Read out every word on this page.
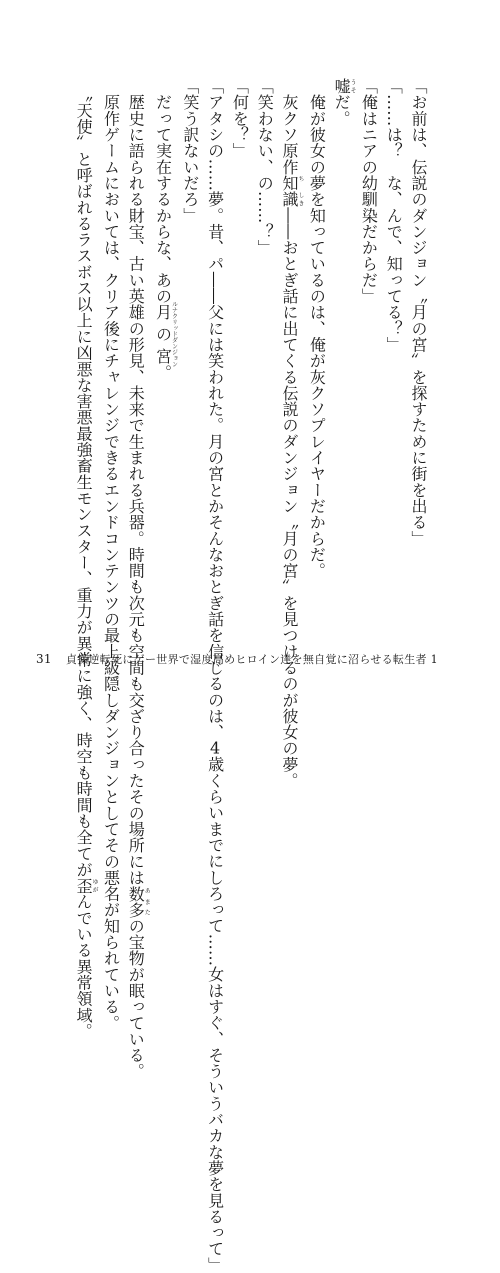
「お前は、伝説のダンジョン〝月の宮〟を探すために街を出る」

「……は？　な、んで、知ってる？」

「俺はニアの幼馴染だからだ」

嘘うそだ。

　俺が彼女の夢を知っているのは、俺が灰クソプレイヤーだからだ。

　灰クソ原作知識ち　しき――おとぎ話に出てくる伝説のダンジョン〝月の宮〟を見つけるのが彼女の夢。

「笑わない、の……？」

「何を？」

「アタシの……夢。昔、パ――父には笑われた。月の宮とかそんなおとぎ話を信じるのは、4歳くらいまでにしろって……女はすぐ、そういうバカな夢を見るって」

「笑う訳ないだろ」

　だって実在するからな、あの月の宮ルナクリッドダンジョン。

　歴史に語られる財宝、古い英雄の形見、未来で生まれる兵器。時間も次元も空間も交ざり合ったその場所には数多あまたの宝物が眠っている。

　原作ゲームにおいては、クリア後にチャレンジできるエンドコンテンツの最上級隠しダンジョンとしてその悪名が知られている。

　〝天使〟と呼ばれるラスボス以上に凶悪な害悪最強畜生モンスター、重力が異常に強く、時空も時間も全てが歪ゆがんでいる異常領域。

31 貞操逆転死にゲー世界で湿度高めヒロイン達を無自覚に沼らせる転生者 1
